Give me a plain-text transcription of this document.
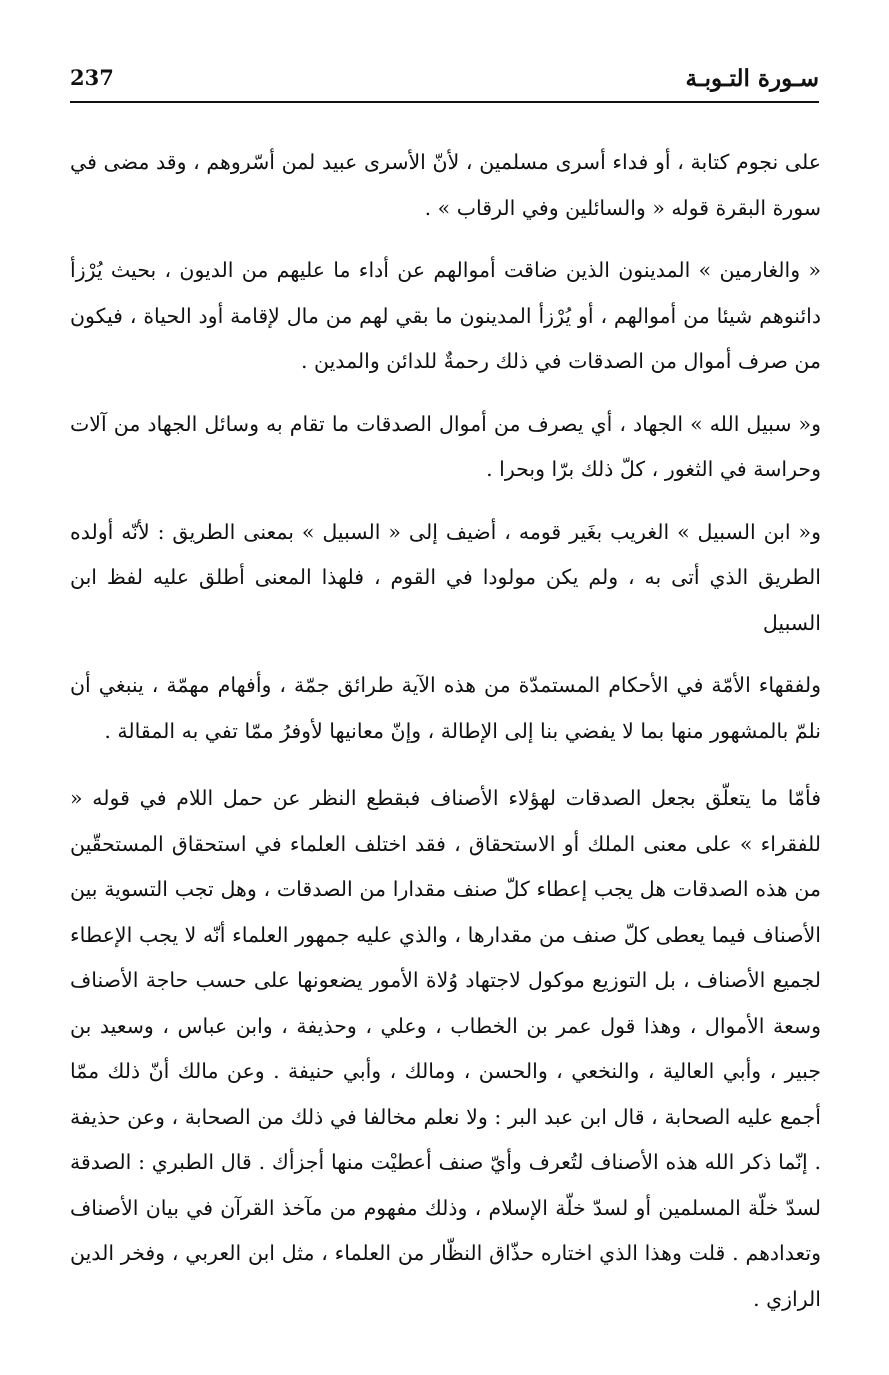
237	سـورة التـوبـة

على نجوم كتابة ، أو فداء أسرى مسلمين ، لأنّ الأسرى عبيد لمن أسّروهم ، وقد مضى في سورة البقرة قوله « والسائلين وفي الرقاب » .

« والغارمين » المدينون الذين ضاقت أموالهم عن أداء ما عليهم من الديون ، بحيث يُرْزأ دائنوهم شيئا من أموالهم ، أو يُرْزأ المدينون ما بقي لهم من مال لإقامة أود الحياة ، فيكون من صرف أموال من الصدقات في ذلك رحمةٌ للدائن والمدين .

و« سبيل الله » الجهاد ، أي يصرف من أموال الصدقات ما تقام به وسائل الجهاد من آلات وحراسة في الثغور ، كلّ ذلك برّا وبحرا .

و« ابن السبيل » الغريب بغَير قومه ، أضيف إلى « السبيل » بمعنى الطريق : لأنّه أولده الطريق الذي أتى به ، ولم يكن مولودا في القوم ، فلهذا المعنى أطلق عليه لفظ ابن السبيل

ولفقهاء الأمّة في الأحكام المستمدّة من هذه الآية طرائق جمّة ، وأفهام مهمّة ، ينبغي أن نلمّ بالمشهور منها بما لا يفضي بنا إلى الإطالة ، وإنّ معانيها لأوفرُ ممّا تفي به المقالة .

فأمّا ما يتعلّق بجعل الصدقات لهؤلاء الأصناف فبقطع النظر عن حمل اللام في قوله « للفقراء » على معنى الملك أو الاستحقاق ، فقد اختلف العلماء في استحقاق المستحقّين من هذه الصدقات هل يجب إعطاء كلّ صنف مقدارا من الصدقات ، وهل تجب التسوية بين الأصناف فيما يعطى كلّ صنف من مقدارها ، والذي عليه جمهور العلماء أنّه لا يجب الإعطاء لجميع الأصناف ، بل التوزيع موكول لاجتهاد وُلاة الأمور يضعونها على حسب حاجة الأصناف وسعة الأموال ، وهذا قول عمر بن الخطاب ، وعلي ، وحذيفة ، وابن عباس ، وسعيد بن جبير ، وأبي العالية ، والنخعي ، والحسن ، ومالك ، وأبي حنيفة . وعن مالك أنّ ذلك ممّا أجمع عليه الصحابة ، قال ابن عبد البر : ولا نعلم مخالفا في ذلك من الصحابة ، وعن حذيفة . إنّما ذكر الله هذه الأصناف لتُعرف وأيّ صنف أعطيْت منها أجزأك . قال الطبري : الصدقة لسدّ خلّة المسلمين أو لسدّ خلّة الإسلام ، وذلك مفهوم من مآخذ القرآن في بيان الأصناف وتعدادهم . قلت وهذا الذي اختاره حذّاق النظّار من العلماء ، مثل ابن العربي ، وفخر الدين الرازي .
